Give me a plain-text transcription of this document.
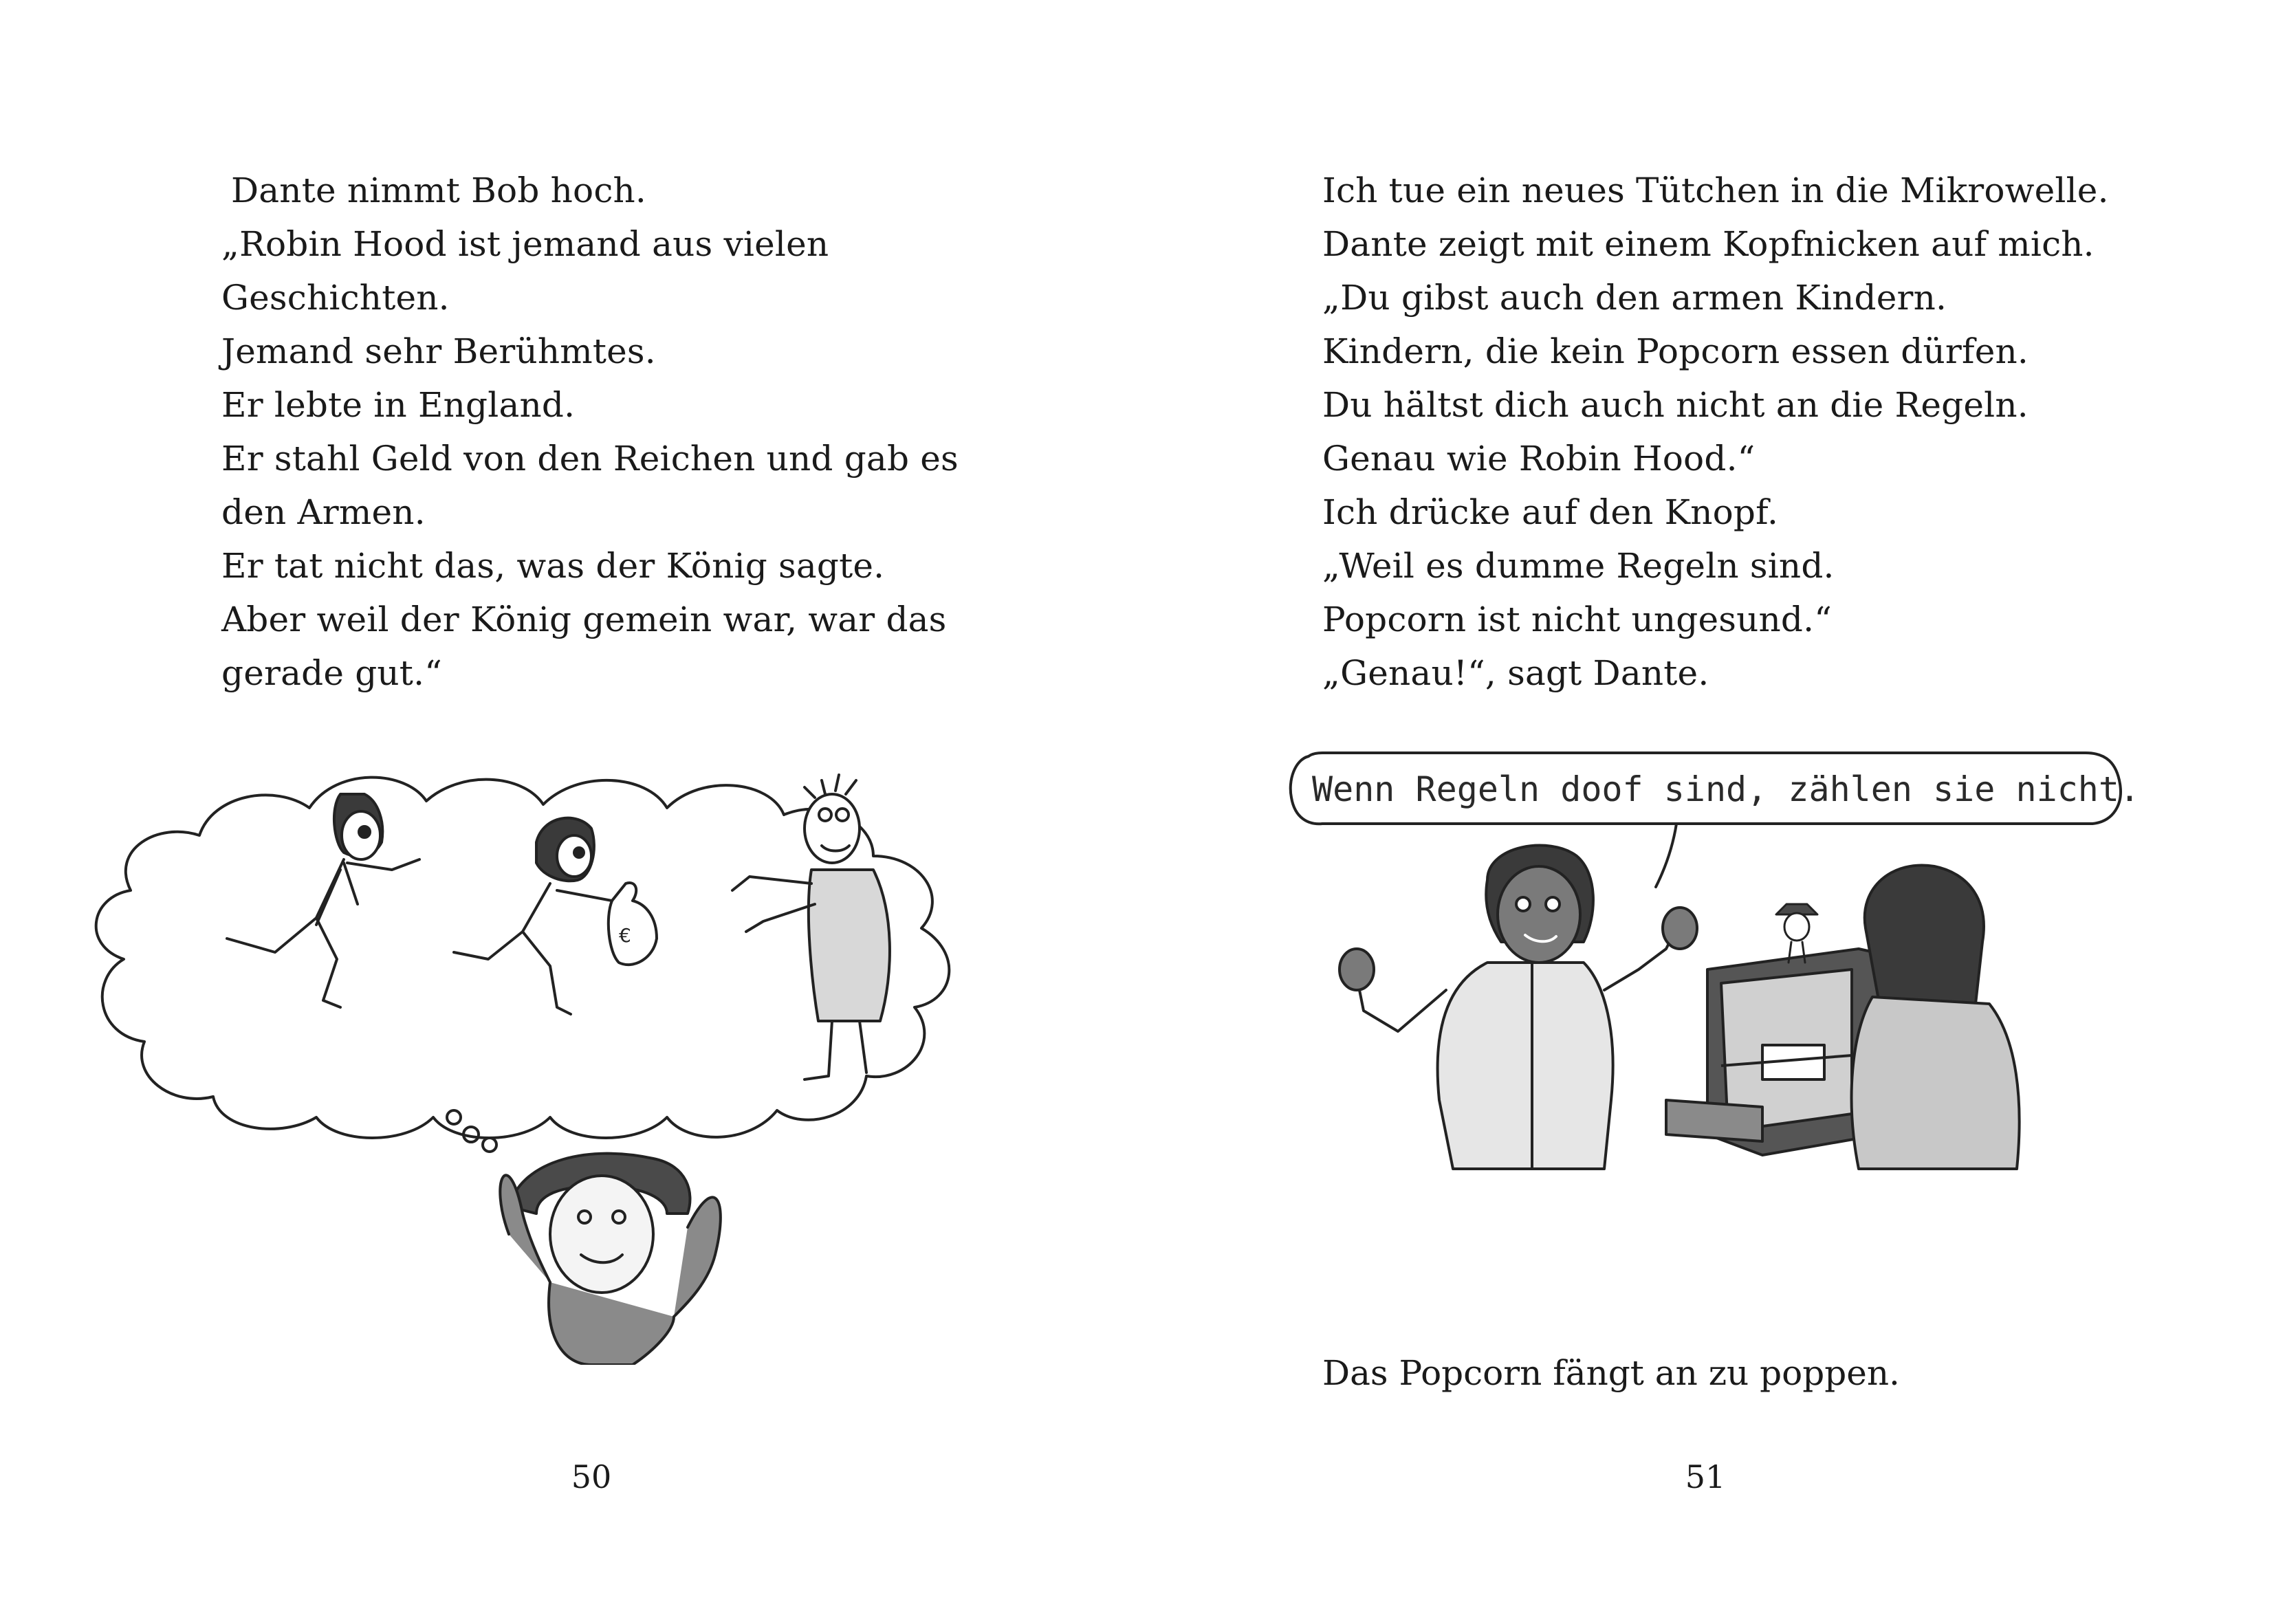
Dante nimmt Bob hoch.
„Robin Hood ist jemand aus vielen
Geschichten.
Jemand sehr Berühmtes.
Er lebte in England.
Er stahl Geld von den Reichen und gab es
den Armen.
Er tat nicht das, was der König sagte.
Aber weil der König gemein war, war das
gerade gut.“
€
50
Ich tue ein neues Tütchen in die Mikrowelle.
Dante zeigt mit einem Kopfnicken auf mich.
„Du gibst auch den armen Kindern.
Kindern, die kein Popcorn essen dürfen.
Du hältst dich auch nicht an die Regeln.
Genau wie Robin Hood.“
Ich drücke auf den Knopf.
„Weil es dumme Regeln sind.
Popcorn ist nicht ungesund.“
„Genau!“, sagt Dante.
Wenn Regeln doof sind, zählen sie nicht.
Das Popcorn fängt an zu poppen.
51
